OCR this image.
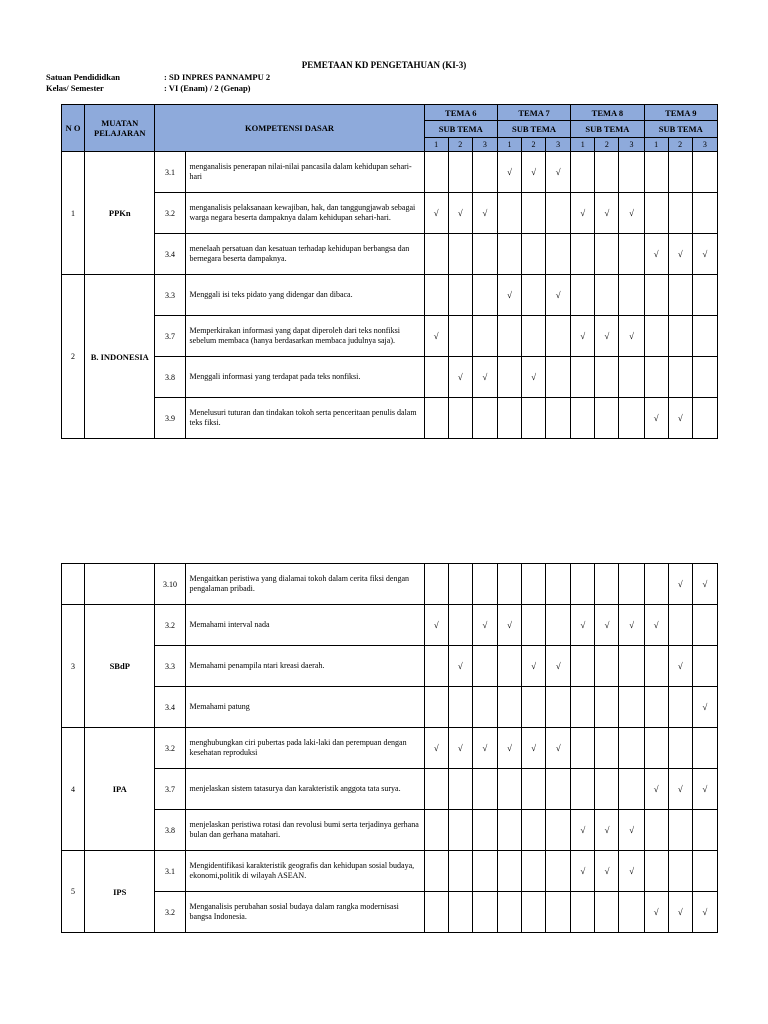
PEMETAAN KD PENGETAHUAN (KI-3)
Satuan Pendididkan	: SD INPRES PANNAMPU 2
Kelas/ Semester	: VI (Enam) / 2 (Genap)
N O	MUATAN PELAJARAN	KOMPETENSI DASAR		TEMA 6			TEMA 7			TEMA 8			TEMA 9		
				SUB TEMA			SUB TEMA			SUB TEMA			SUB TEMA		
				1	2	3	1	2	3	1	2	3	1	2	3
1	PPKn	3.1	menganalisis penerapan nilai-nilai pancasila dalam kehidupan sehari-hari				√	√	√						
		3.2	menganalisis pelaksanaan kewajiban, hak, dan tanggungjawab sebagai warga negara beserta dampaknya dalam kehidupan sehari-hari.	√	√	√				√	√	√			
		3.4	menelaah persatuan dan kesatuan terhadap kehidupan berbangsa dan bernegara beserta dampaknya.										√	√	√
2	B. INDONESIA	3.3	Menggali isi teks pidato yang didengar dan dibaca.				√		√						
		3.7	Memperkirakan informasi yang dapat diperoleh dari teks nonfiksi sebelum membaca (hanya berdasarkan membaca judulnya saja).	√						√	√	√			
		3.8	Menggali informasi yang terdapat pada teks nonfiksi.		√	√		√							
		3.9	Menelusuri tuturan dan tindakan tokoh serta penceritaan penulis dalam teks fiksi.										√	√	
		3.10	Mengaitkan peristiwa yang dialamai tokoh dalam cerita fiksi dengan pengalaman pribadi.											√	√
3	SBdP	3.2	Memahami interval nada	√		√	√			√	√	√	√		
		3.3	Memahami penampila ntari kreasi daerah.		√			√	√					√	
		3.4	Memahami patung												√
4	IPA	3.2	menghubungkan ciri pubertas pada laki-laki dan perempuan dengan kesehatan reproduksi	√	√	√	√	√	√						
		3.7	menjelaskan sistem tatasurya dan karakteristik anggota tata surya.										√	√	√
		3.8	menjelaskan peristiwa rotasi dan revolusi bumi serta terjadinya gerhana bulan dan gerhana matahari.							√	√	√			
5	IPS	3.1	Mengidentifikasi karakteristik geografis dan kehidupan sosial budaya, ekonomi,politik di wilayah ASEAN.							√	√	√			
		3.2	Menganalisis perubahan sosial budaya dalam rangka modernisasi bangsa Indonesia.										√	√	√
